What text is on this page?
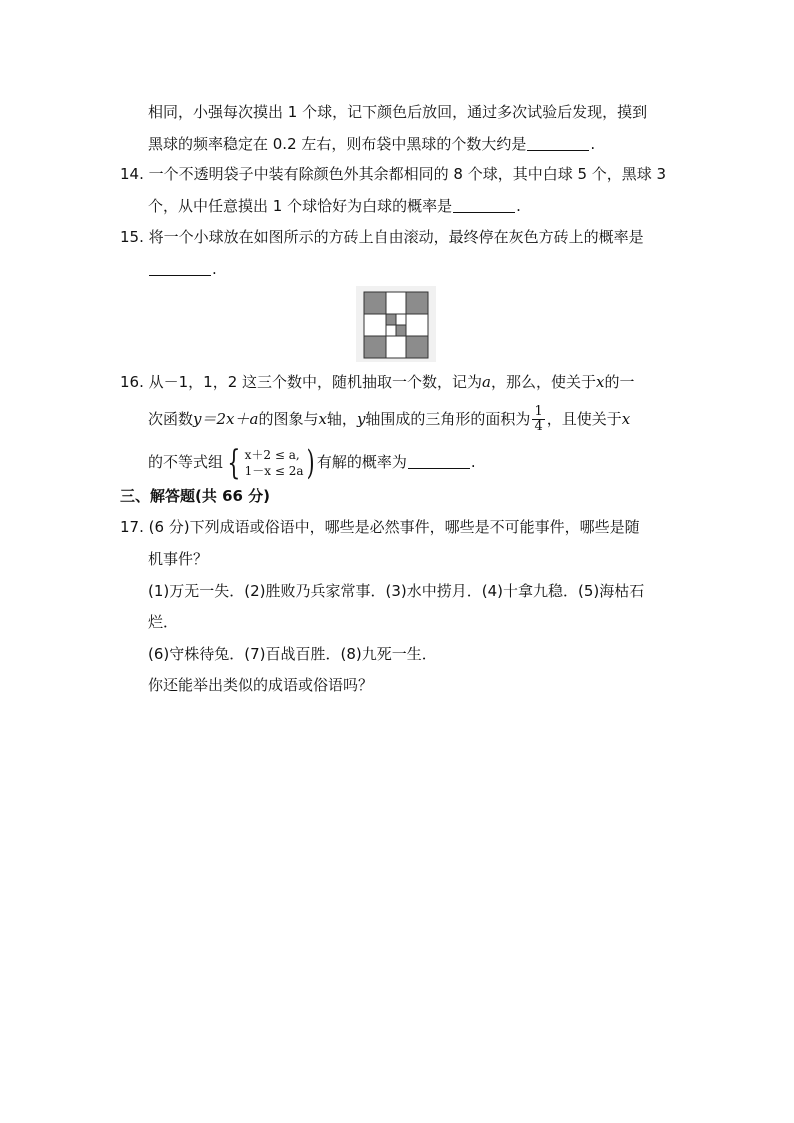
相同，小强每次摸出 1 个球，记下颜色后放回，通过多次试验后发现，摸到
黑球的频率稳定在 0.2 左右，则布袋中黑球的个数大约是	.
14. 一个不透明袋子中装有除颜色外其余都相同的 8 个球，其中白球 5 个，黑球 3
个，从中任意摸出 1 个球恰好为白球的概率是	.
15. 将一个小球放在如图所示的方砖上自由滚动，最终停在灰色方砖上的概率是
.
16. 从－1，1，2 这三个数中，随机抽取一个数，记为a，那么，使关于x的一
次函数y＝2x＋a的图象与x轴，y轴围成的三角形的面积为 $\frac{1}{4}$ ，且使关于x
的不等式组 { x＋2 ≤ a,
1－x ≤ 2a ) 有解的概率为	.
三、解答题(共 66 分)
17. (6 分)下列成语或俗语中，哪些是必然事件，哪些是不可能事件，哪些是随
机事件？
(1)万无一失．(2)胜败乃兵家常事．(3)水中捞月．(4)十拿九稳．(5)海枯石
烂．
(6)守株待兔．(7)百战百胜．(8)九死一生．
你还能举出类似的成语或俗语吗？
